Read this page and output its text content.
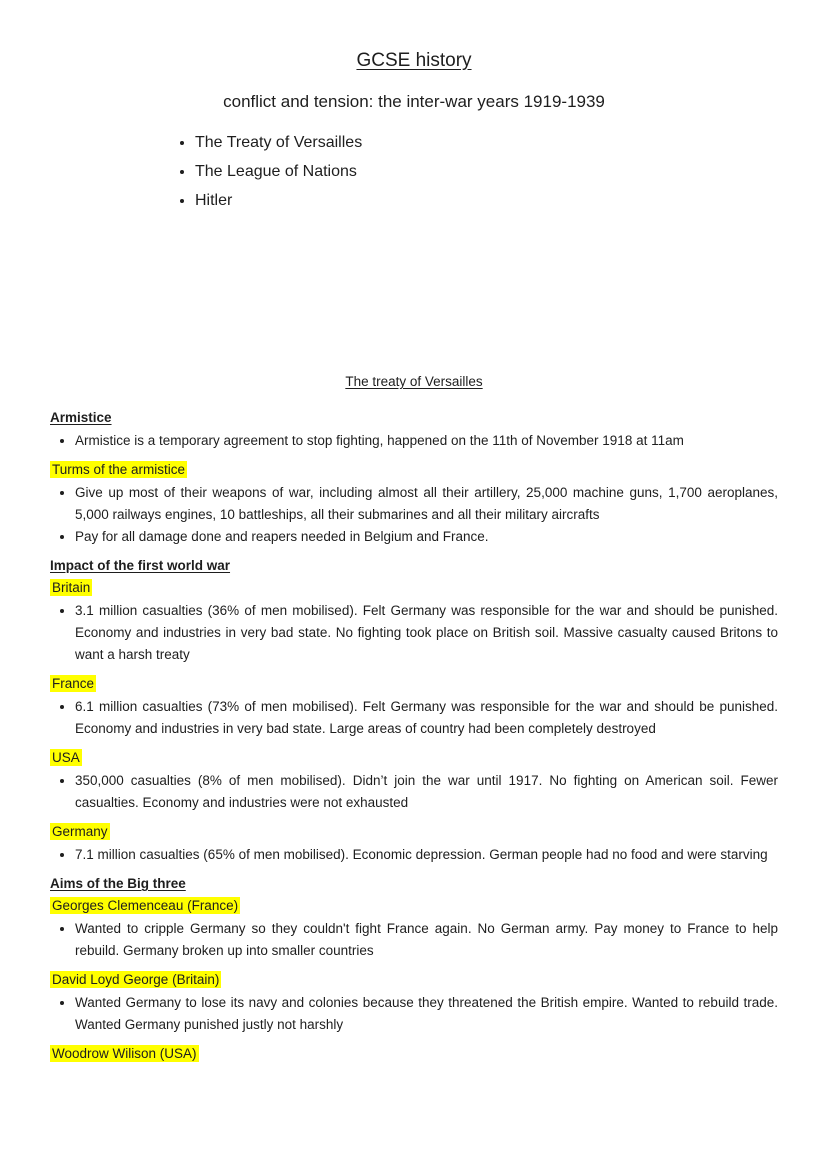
GCSE history
conflict and tension: the inter-war years 1919-1939
• The Treaty of Versailles
• The League of Nations
• Hitler
The treaty of Versailles
Armistice
• Armistice is a temporary agreement to stop fighting, happened on the 11th of November 1918 at 11am
Turms of the armistice
• Give up most of their weapons of war, including almost all their artillery, 25,000 machine guns, 1,700 aeroplanes, 5,000 railways engines, 10 battleships, all their submarines and all their military aircrafts
• Pay for all damage done and reapers needed in Belgium and France.
Impact of the first world war
Britain
• 3.1 million casualties (36% of men mobilised). Felt Germany was responsible for the war and should be punished. Economy and industries in very bad state. No fighting took place on British soil. Massive casualty caused Britons to want a harsh treaty
France
• 6.1 million casualties (73% of men mobilised). Felt Germany was responsible for the war and should be punished. Economy and industries in very bad state. Large areas of country had been completely destroyed
USA
• 350,000 casualties (8% of men mobilised). Didn’t join the war until 1917. No fighting on American soil. Fewer casualties. Economy and industries were not exhausted
Germany
• 7.1 million casualties (65% of men mobilised). Economic depression. German people had no food and were starving
Aims of the Big three
Georges Clemenceau (France)
• Wanted to cripple Germany so they couldn't fight France again. No German army. Pay money to France to help rebuild. Germany broken up into smaller countries
David Loyd George (Britain)
• Wanted Germany to lose its navy and colonies because they threatened the British empire. Wanted to rebuild trade. Wanted Germany punished justly not harshly
Woodrow Wilison (USA)
